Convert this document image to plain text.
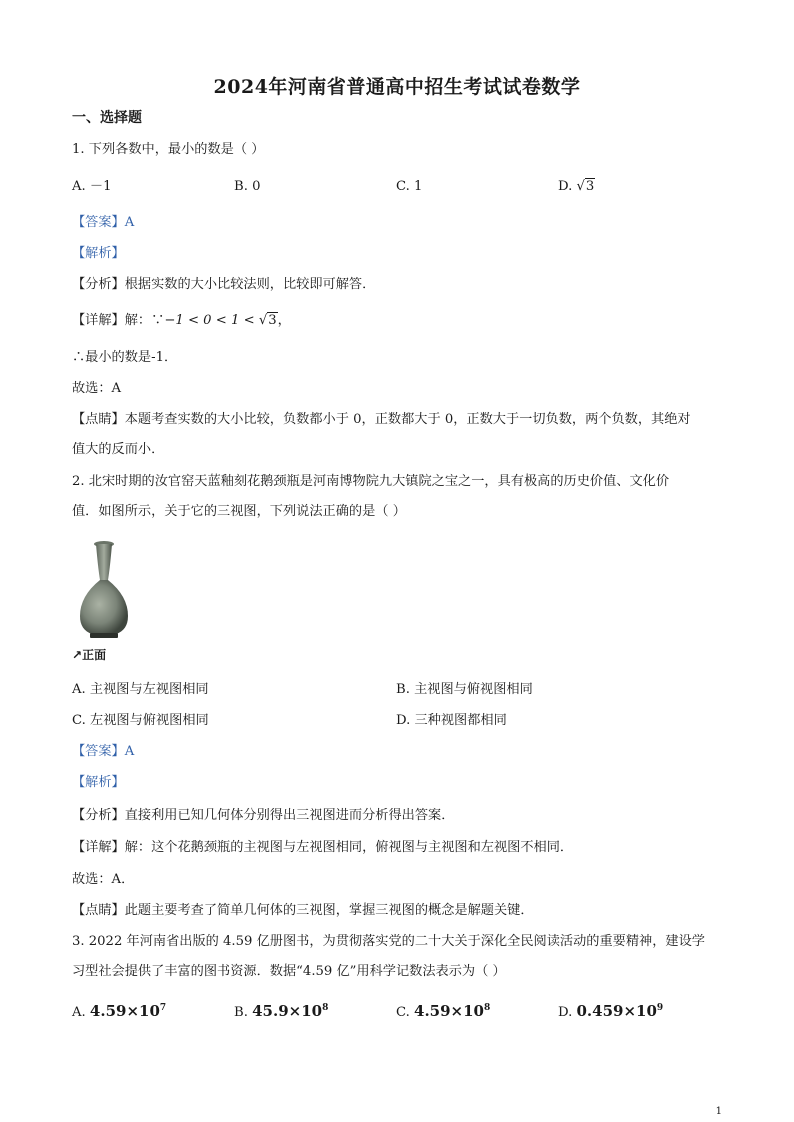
2024年河南省普通高中招生考试试卷数学
一、选择题
1. 下列各数中，最小的数是（ ）
A. －1	B. 0	C. 1	D. √3
【答案】A
【解析】
【分析】根据实数的大小比较法则，比较即可解答．
【详解】解：∵−1 < 0 < 1 < √3，
∴最小的数是-1．
故选：A
【点睛】本题考查实数的大小比较，负数都小于 0，正数都大于 0，正数大于一切负数，两个负数，其绝对
值大的反而小．
2. 北宋时期的汝官窑天蓝釉刻花鹅颈瓶是河南博物院九大镇院之宝之一，具有极高的历史价值、文化价
值．如图所示，关于它的三视图，下列说法正确的是（ ）
↗正面
A. 主视图与左视图相同	B. 主视图与俯视图相同
C. 左视图与俯视图相同	D. 三种视图都相同
【答案】A
【解析】
【分析】直接利用已知几何体分别得出三视图进而分析得出答案．
【详解】解：这个花鹅颈瓶的主视图与左视图相同，俯视图与主视图和左视图不相同．
故选：A．
【点睛】此题主要考查了简单几何体的三视图，掌握三视图的概念是解题关键．
3. 2022 年河南省出版的 4.59 亿册图书，为贯彻落实党的二十大关于深化全民阅读活动的重要精神，建设学
习型社会提供了丰富的图书资源．数据“4.59 亿”用科学记数法表示为（ ）
A. $4.59\times 10^7$	B. $45.9\times 10^8$	C. $4.59\times 10^8$	D. $0.459\times 10^9$
1
